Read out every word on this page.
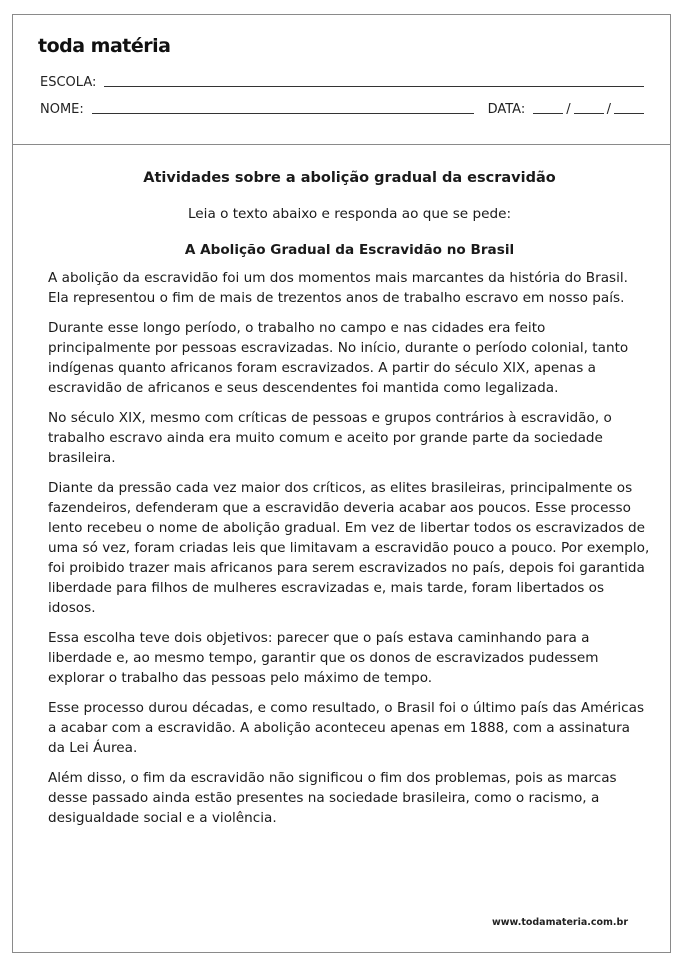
toda matéria
ESCOLA:
NOME:	DATA:	/	/
www.todamateria.com.br

Atividades sobre a abolição gradual da escravidão

Leia o texto abaixo e responda ao que se pede:

A Abolição Gradual da Escravidão no Brasil

A abolição da escravidão foi um dos momentos mais marcantes da história do Brasil. Ela representou o fim de mais de trezentos anos de trabalho escravo em nosso país.

Durante esse longo período, o trabalho no campo e nas cidades era feito principalmente por pessoas escravizadas. No início, durante o período colonial, tanto indígenas quanto africanos foram escravizados. A partir do século XIX, apenas a escravidão de africanos e seus descendentes foi mantida como legalizada.

No século XIX, mesmo com críticas de pessoas e grupos contrários à escravidão, o trabalho escravo ainda era muito comum e aceito por grande parte da sociedade brasileira.

Diante da pressão cada vez maior dos críticos, as elites brasileiras, principalmente os fazendeiros, defenderam que a escravidão deveria acabar aos poucos. Esse processo lento recebeu o nome de abolição gradual. Em vez de libertar todos os escravizados de uma só vez, foram criadas leis que limitavam a escravidão pouco a pouco. Por exemplo, foi proibido trazer mais africanos para serem escravizados no país, depois foi garantida liberdade para filhos de mulheres escravizadas e, mais tarde, foram libertados os idosos.

Essa escolha teve dois objetivos: parecer que o país estava caminhando para a liberdade e, ao mesmo tempo, garantir que os donos de escravizados pudessem explorar o trabalho das pessoas pelo máximo de tempo.

Esse processo durou décadas, e como resultado, o Brasil foi o último país das Américas a acabar com a escravidão. A abolição aconteceu apenas em 1888, com a assinatura da Lei Áurea.

Além disso, o fim da escravidão não significou o fim dos problemas, pois as marcas desse passado ainda estão presentes na sociedade brasileira, como o racismo, a desigualdade social e a violência.
